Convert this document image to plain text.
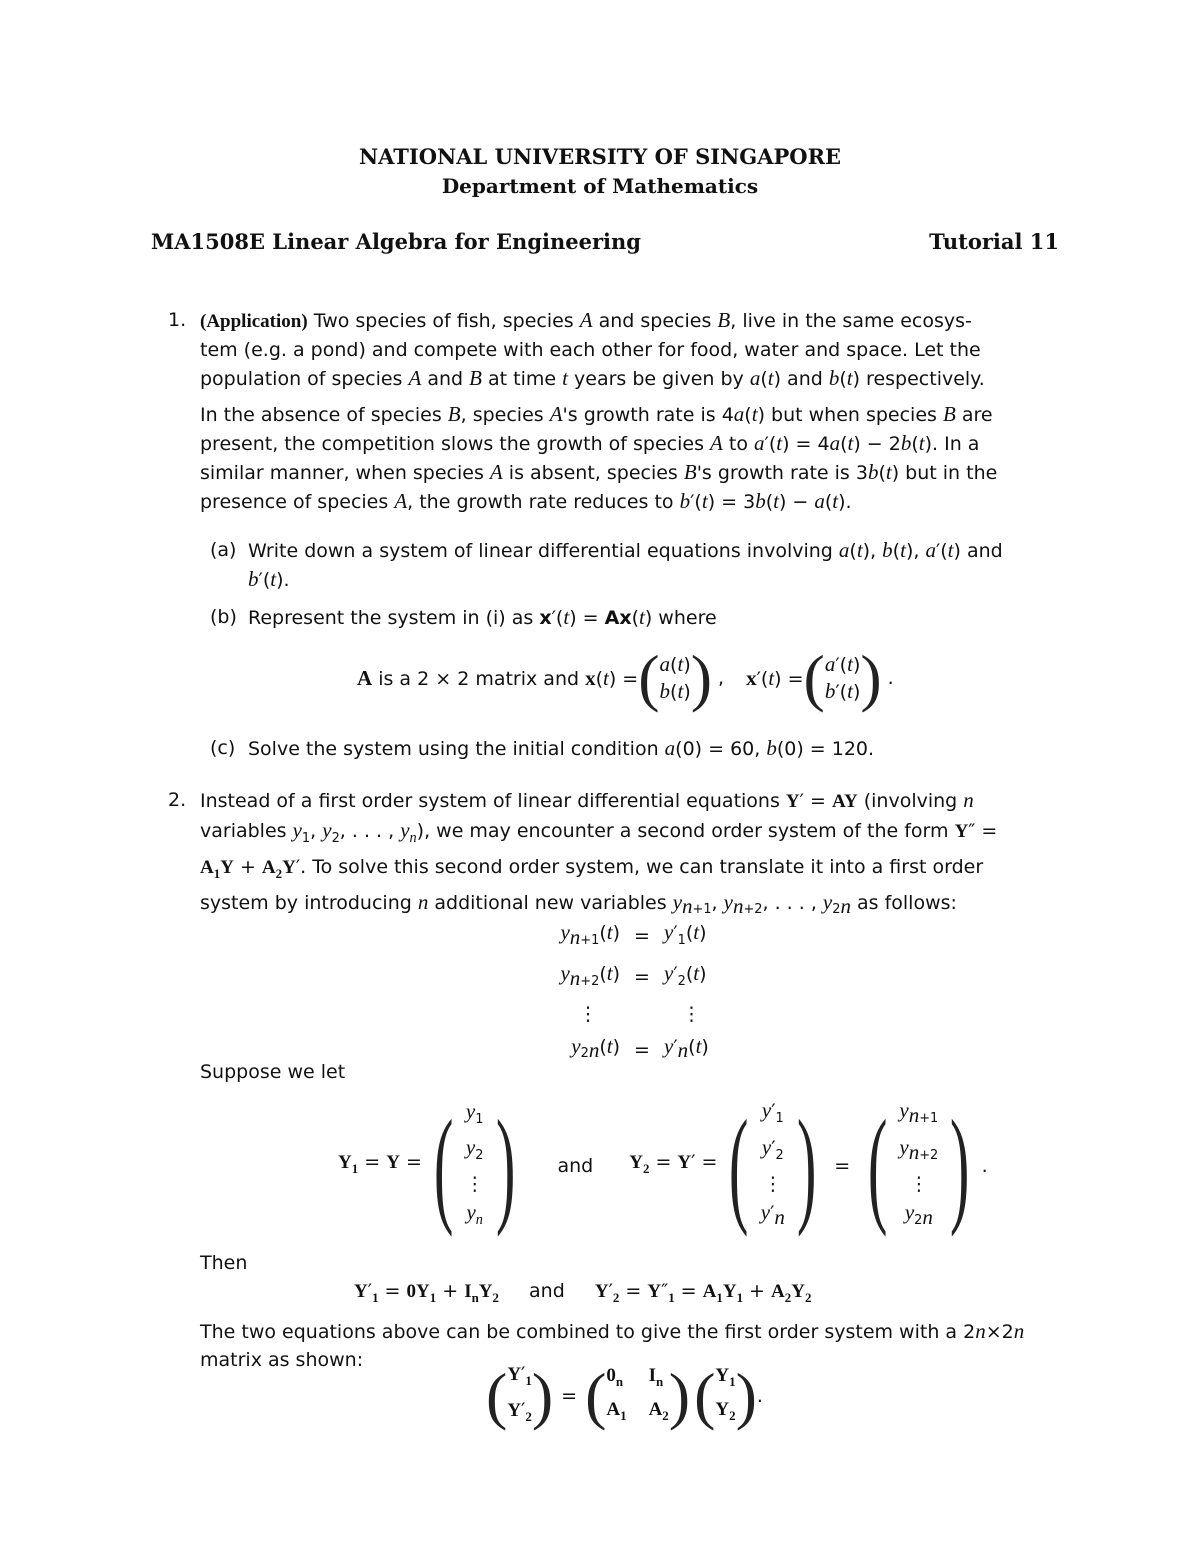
NATIONAL UNIVERSITY OF SINGAPORE
Department of Mathematics
MA1508E Linear Algebra for Engineering	Tutorial 11
1. (Application) Two species of fish, species A and species B, live in the same ecosys-
tem (e.g. a pond) and compete with each other for food, water and space. Let the
population of species A and B at time t years be given by a(t) and b(t) respectively.
In the absence of species B, species A's growth rate is 4a(t) but when species B are
present, the competition slows the growth of species A to a′(t) = 4a(t) − 2b(t). In a
similar manner, when species A is absent, species B's growth rate is 3b(t) but in the
presence of species A, the growth rate reduces to b′(t) = 3b(t) − a(t).
(a) Write down a system of linear differential equations involving a(t), b(t), a′(t) and
b′(t).
(b) Represent the system in (i) as x′(t) = Ax(t) where
A is a 2 × 2 matrix and x(t) = ( a(t)
b(t) ) , x′(t) = ( a′(t)
b′(t) ) .
(c) Solve the system using the initial condition a(0) = 60, b(0) = 120.
2. Instead of a first order system of linear differential equations Y′ = AY (involving n
variables $y_1$, $y_2$, . . . , $y_n$), we may encounter a second order system of the form Y″ =
$A_1Y + A_2Y'$. To solve this second order system, we can translate it into a first order
system by introducing n additional new variables $y_{n+1}$, $y_{n+2}$, . . . , $y_{2n}$ as follows:
$y_{n+1}(t) = y'_1(t)$
$y_{n+2}(t) = y'_2(t)$
⋮	⋮
$y_{2n}(t) = y'_n(t)$
Suppose we let
$Y_1 = Y$ = ( $y_1$
$y_2$
⋮
$y_n$ ) and $Y_2 = Y'$ = ( $y'_1$
$y'_2$
⋮
$y'_n$ ) = ( $y_{n+1}$
$y_{n+2}$
⋮
$y_{2n}$ ) .
Then
$Y'_1 = 0Y_1 + I_nY_2$ and $Y'_2 = Y''_1 = A_1Y_1 + A_2Y_2$
The two equations above can be combined to give the first order system with a 2n×2n
matrix as shown:	( $Y'_1$
$Y'_2$ ) = ( $0_n$ $I_n$
$A_1$ $A_2$ ) ( $Y_1$
$Y_2$ ) .
